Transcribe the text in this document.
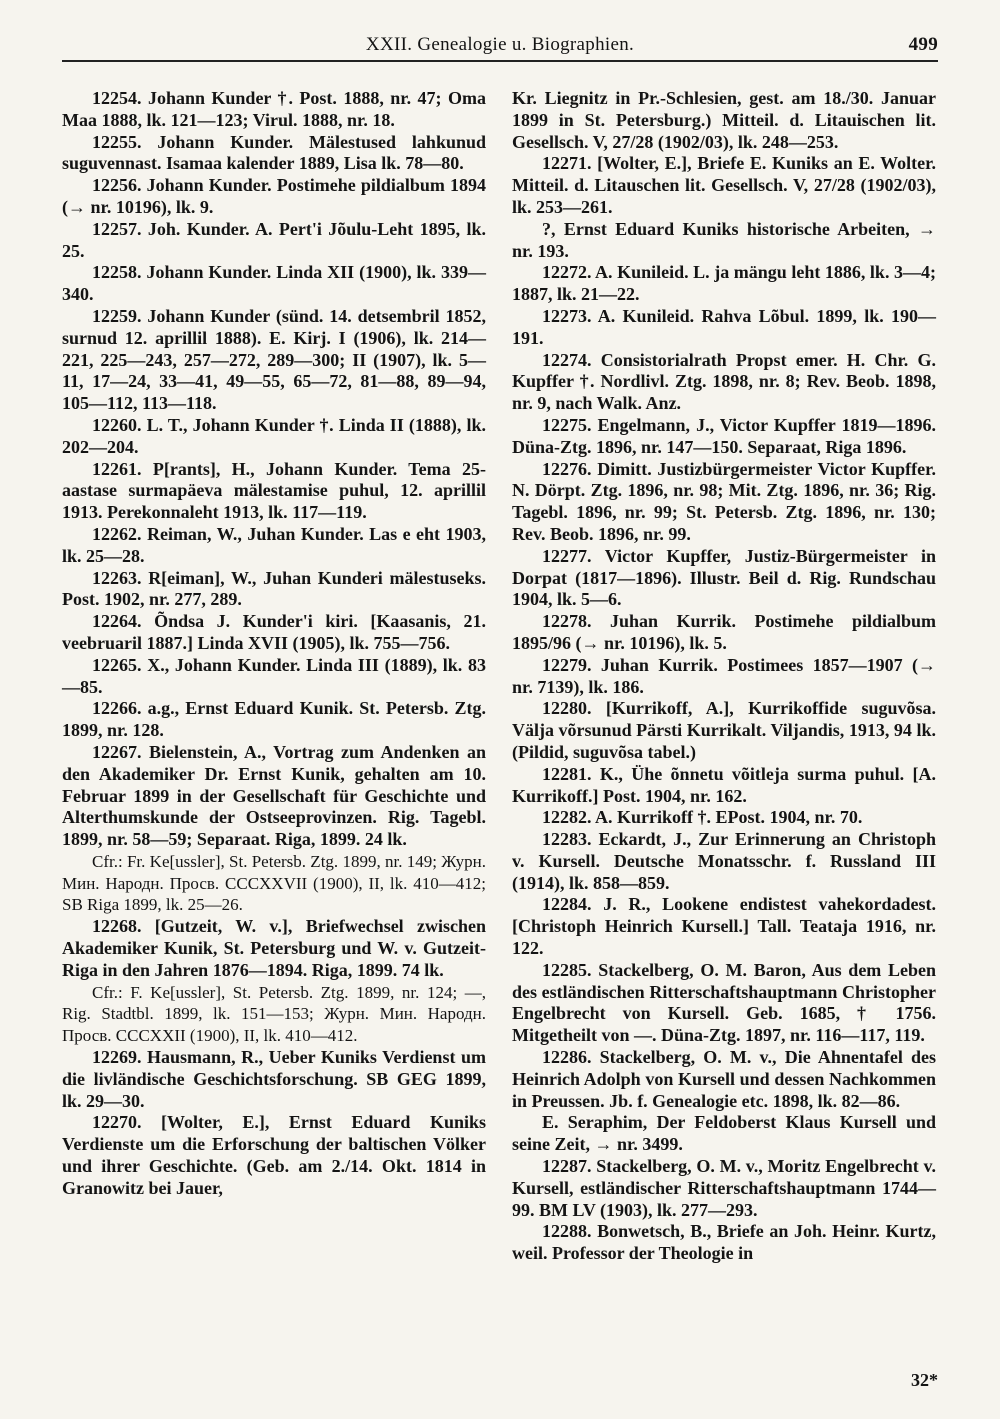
XXII. Genealogie u. Biographien.	499

12254. Johann Kunder †. Post. 1888, nr. 47; Oma Maa 1888, lk. 121—123; Virul. 1888, nr. 18.

12255. Johann Kunder. Mälestused lahkunud suguvennast. Isamaa kalender 1889, Lisa lk. 78—80.

12256. Johann Kunder. Postimehe pildialbum 1894 (→ nr. 10196), lk. 9.

12257. Joh. Kunder. A. Pert'i Jõulu-Leht 1895, lk. 25.

12258. Johann Kunder. Linda XII (1900), lk. 339—340.

12259. Johann Kunder (sünd. 14. detsembril 1852, surnud 12. aprillil 1888). E. Kirj. I (1906), lk. 214—221, 225—243, 257—272, 289—300; II (1907), lk. 5—11, 17—24, 33—41, 49—55, 65—72, 81—88, 89—94, 105—112, 113—118.

12260. L. T., Johann Kunder †. Linda II (1888), lk. 202—204.

12261. P[rants], H., Johann Kunder. Tema 25-aastase surmapäeva mälestamise puhul, 12. aprillil 1913. Perekonnaleht 1913, lk. 117—119.

12262. Reiman, W., Juhan Kunder. Las e eht 1903, lk. 25—28.

12263. R[eiman], W., Juhan Kunderi mälestuseks. Post. 1902, nr. 277, 289.

12264. Õndsa J. Kunder'i kiri. [Kaasanis, 21. veebruaril 1887.] Linda XVII (1905), lk. 755—756.

12265. X., Johann Kunder. Linda III (1889), lk. 83—85.

12266. a.g., Ernst Eduard Kunik. St. Petersb. Ztg. 1899, nr. 128.

12267. Bielenstein, A., Vortrag zum Andenken an den Akademiker Dr. Ernst Kunik, gehalten am 10. Februar 1899 in der Gesellschaft für Geschichte und Alterthumskunde der Ostseeprovinzen. Rig. Tagebl. 1899, nr. 58—59; Separaat. Riga, 1899. 24 lk.

Cfr.: Fr. Ke[ussler], St. Petersb. Ztg. 1899, nr. 149; Журн. Мин. Народн. Просв. CCCXXVII (1900), II, lk. 410—412; SB Riga 1899, lk. 25—26.

12268. [Gutzeit, W. v.], Briefwechsel zwischen Akademiker Kunik, St. Petersburg und W. v. Gutzeit-Riga in den Jahren 1876—1894. Riga, 1899. 74 lk.

Cfr.: F. Ke[ussler], St. Petersb. Ztg. 1899, nr. 124; —, Rig. Stadtbl. 1899, lk. 151—153; Журн. Мин. Народн. Просв. CCCXXII (1900), II, lk. 410—412.

12269. Hausmann, R., Ueber Kuniks Verdienst um die livländische Geschichtsforschung. SB GEG 1899, lk. 29—30.

12270. [Wolter, E.], Ernst Eduard Kuniks Verdienste um die Erforschung der baltischen Völker und ihrer Geschichte. (Geb. am 2./14. Okt. 1814 in Granowitz bei Jauer,

Kr. Liegnitz in Pr.-Schlesien, gest. am 18./30. Januar 1899 in St. Petersburg.) Mitteil. d. Litauischen lit. Gesellsch. V, 27/28 (1902/03), lk. 248—253.

12271. [Wolter, E.], Briefe E. Kuniks an E. Wolter. Mitteil. d. Litauschen lit. Gesellsch. V, 27/28 (1902/03), lk. 253—261.

?, Ernst Eduard Kuniks historische Arbeiten, → nr. 193.

12272. A. Kunileid. L. ja mängu leht 1886, lk. 3—4; 1887, lk. 21—22.

12273. A. Kunileid. Rahva Lõbul. 1899, lk. 190—191.

12274. Consistorialrath Propst emer. H. Chr. G. Kupffer †. Nordlivl. Ztg. 1898, nr. 8; Rev. Beob. 1898, nr. 9, nach Walk. Anz.

12275. Engelmann, J., Victor Kupffer 1819—1896. Düna-Ztg. 1896, nr. 147—150. Separaat, Riga 1896.

12276. Dimitt. Justizbürgermeister Victor Kupffer. N. Dörpt. Ztg. 1896, nr. 98; Mit. Ztg. 1896, nr. 36; Rig. Tagebl. 1896, nr. 99; St. Petersb. Ztg. 1896, nr. 130; Rev. Beob. 1896, nr. 99.

12277. Victor Kupffer, Justiz-Bürgermeister in Dorpat (1817—1896). Illustr. Beil d. Rig. Rundschau 1904, lk. 5—6.

12278. Juhan Kurrik. Postimehe pildialbum 1895/96 (→ nr. 10196), lk. 5.

12279. Juhan Kurrik. Postimees 1857—1907 (→ nr. 7139), lk. 186.

12280. [Kurrikoff, A.], Kurrikoffide suguvõsa. Välja võrsunud Pärsti Kurrikalt. Viljandis, 1913, 94 lk. (Pildid, suguvõsa tabel.)

12281. K., Ühe õnnetu võitleja surma puhul. [A. Kurrikoff.] Post. 1904, nr. 162.

12282. A. Kurrikoff †. EPost. 1904, nr. 70.

12283. Eckardt, J., Zur Erinnerung an Christoph v. Kursell. Deutsche Monatsschr. f. Russland III (1914), lk. 858—859.

12284. J. R., Lookene endistest vahekordadest. [Christoph Heinrich Kursell.] Tall. Teataja 1916, nr. 122.

12285. Stackelberg, O. M. Baron, Aus dem Leben des estländischen Ritterschaftshauptmann Christopher Engelbrecht von Kursell. Geb. 1685, † 1756. Mitgetheilt von —. Düna-Ztg. 1897, nr. 116—117, 119.

12286. Stackelberg, O. M. v., Die Ahnentafel des Heinrich Adolph von Kursell und dessen Nachkommen in Preussen. Jb. f. Genealogie etc. 1898, lk. 82—86.

E. Seraphim, Der Feldoberst Klaus Kursell und seine Zeit, → nr. 3499.

12287. Stackelberg, O. M. v., Moritz Engelbrecht v. Kursell, estländischer Ritterschaftshauptmann 1744—99. BM LV (1903), lk. 277—293.

12288. Bonwetsch, B., Briefe an Joh. Heinr. Kurtz, weil. Professor der Theologie in

32*
